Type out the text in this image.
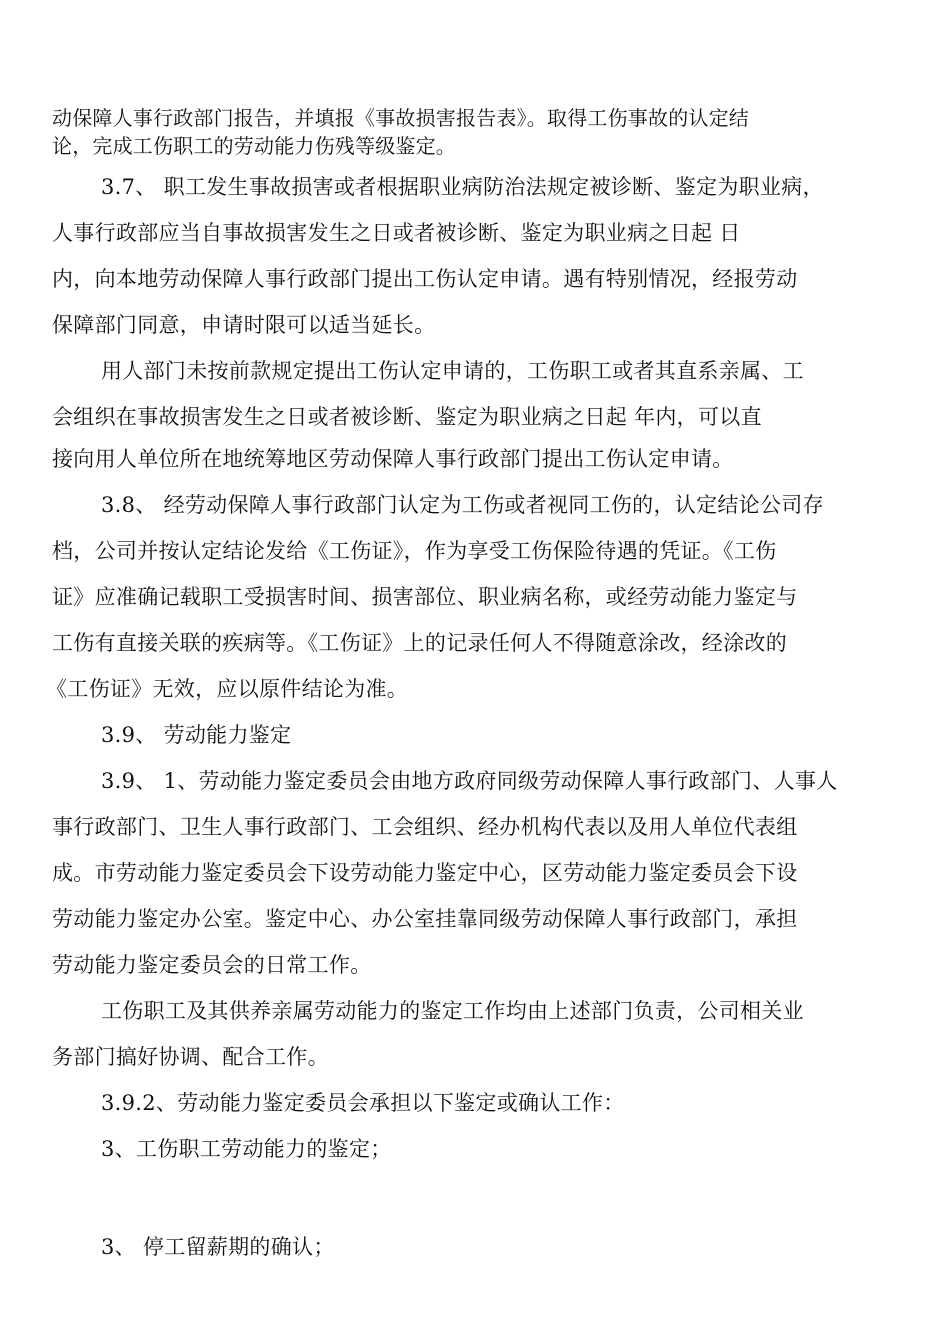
动保障人事行政部门报告，并填报《事故损害报告表》。取得工伤事故的认定结
论，完成工伤职工的劳动能力伤残等级鉴定。
3.7、 职工发生事故损害或者根据职业病防治法规定被诊断、鉴定为职业病，
人事行政部应当自事故损害发生之日或者被诊断、鉴定为职业病之日起 日
内，向本地劳动保障人事行政部门提出工伤认定申请。遇有特别情况，经报劳动
保障部门同意，申请时限可以适当延长。
用人部门未按前款规定提出工伤认定申请的，工伤职工或者其直系亲属、工
会组织在事故损害发生之日或者被诊断、鉴定为职业病之日起 年内，可以直
接向用人单位所在地统筹地区劳动保障人事行政部门提出工伤认定申请。
3.8、 经劳动保障人事行政部门认定为工伤或者视同工伤的，认定结论公司存
档，公司并按认定结论发给《工伤证》，作为享受工伤保险待遇的凭证。《工伤
证》应准确记载职工受损害时间、损害部位、职业病名称，或经劳动能力鉴定与
工伤有直接关联的疾病等。《工伤证》上的记录任何人不得随意涂改，经涂改的
《工伤证》无效，应以原件结论为准。
3.9、 劳动能力鉴定
3.9、 1、劳动能力鉴定委员会由地方政府同级劳动保障人事行政部门、人事人
事行政部门、卫生人事行政部门、工会组织、经办机构代表以及用人单位代表组
成。市劳动能力鉴定委员会下设劳动能力鉴定中心，区劳动能力鉴定委员会下设
劳动能力鉴定办公室。鉴定中心、办公室挂靠同级劳动保障人事行政部门，承担
劳动能力鉴定委员会的日常工作。
工伤职工及其供养亲属劳动能力的鉴定工作均由上述部门负责，公司相关业
务部门搞好协调、配合工作。
3.9.2、劳动能力鉴定委员会承担以下鉴定或确认工作：
3、工伤职工劳动能力的鉴定；
3、 停工留薪期的确认；
